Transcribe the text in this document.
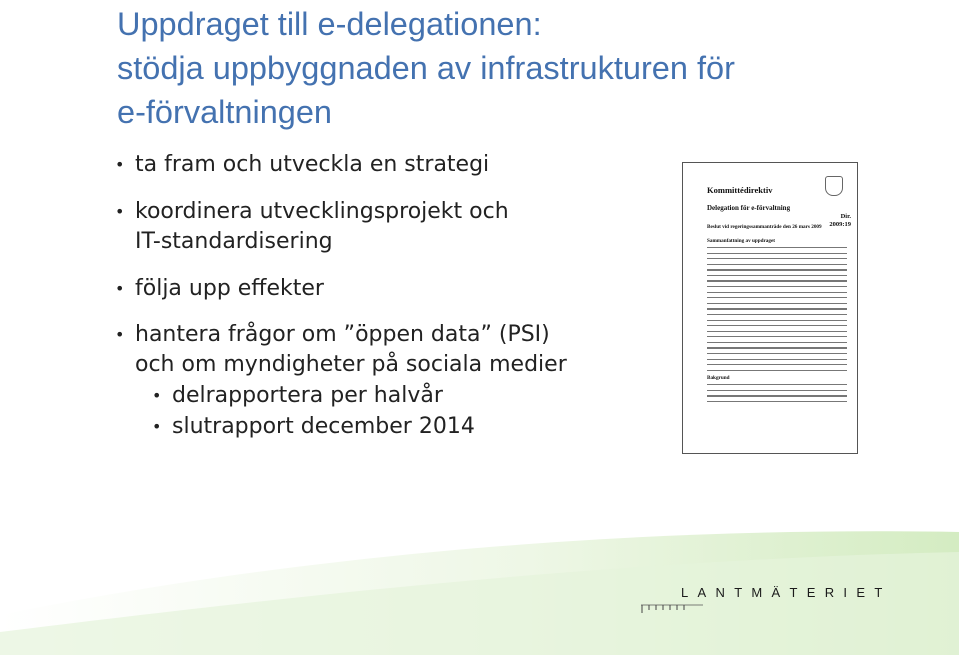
Uppdraget till e-delegationen:
stödja uppbyggnaden av infrastrukturen för
e-förvaltningen
• ta fram och utveckla en strategi
• koordinera utvecklingsprojekt och
IT-standardisering
• följa upp effekter
• hantera frågor om ”öppen data” (PSI)
och om myndigheter på sociala medier
• delrapportera per halvår
• slutrapport december 2014
Kommittédirektiv
Delegation för e-förvaltning
Dir.
2009:19
Beslut vid regeringssammanträde den 26 mars 2009
Sammanfattning av uppdraget
Bakgrund
LANTMÄTERIET
